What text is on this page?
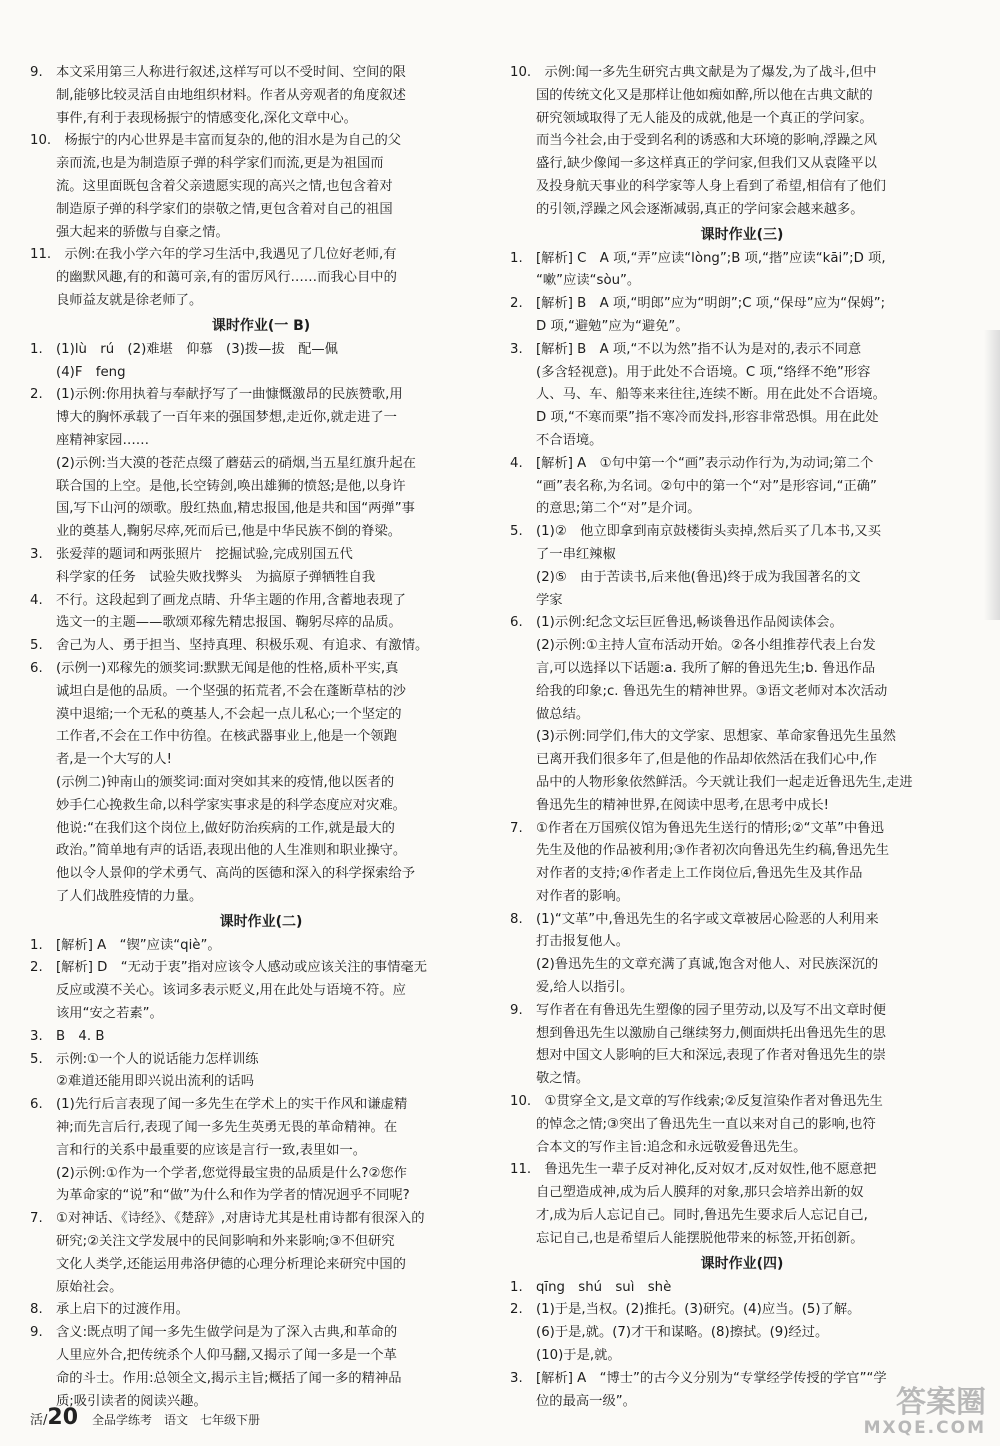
9.　本文采用第三人称进行叙述,这样写可以不受时间、空间的限

制,能够比较灵活自由地组织材料。作者从旁观者的角度叙述

事件,有利于表现杨振宁的情感变化,深化文章中心。

10.　杨振宁的内心世界是丰富而复杂的,他的泪水是为自己的父

亲而流,也是为制造原子弹的科学家们而流,更是为祖国而

流。这里面既包含着父亲遗愿实现的高兴之情,也包含着对

制造原子弹的科学家们的崇敬之情,更包含着对自己的祖国

强大起来的骄傲与自豪之情。

11.　示例:在我小学六年的学习生活中,我遇见了几位好老师,有

的幽默风趣,有的和蔼可亲,有的雷厉风行……而我心目中的

良师益友就是徐老师了。

课时作业(一 B)

1.　(1)lù　rú　(2)难堪　仰慕　(3)拨—拔　配—佩

(4)F　feng

2.　(1)示例:你用执着与奉献抒写了一曲慷慨激昂的民族赞歌,用

博大的胸怀承载了一百年来的强国梦想,走近你,就走进了一

座精神家园……

(2)示例:当大漠的苍茫点缀了蘑菇云的硝烟,当五星红旗升起在

联合国的上空。是他,长空铸剑,唤出雄狮的愤怒;是他,以身许

国,写下山河的颂歌。殷红热血,精忠报国,他是共和国“两弹”事

业的奠基人,鞠躬尽瘁,死而后已,他是中华民族不倒的脊梁。

3.　张爱萍的题词和两张照片　挖掘试验,完成别国五代

科学家的任务　试验失败找弊头　为搞原子弹牺牲自我

4.　不行。这段起到了画龙点睛、升华主题的作用,含蓄地表现了

选文一的主题——歌颂邓稼先精忠报国、鞠躬尽瘁的品质。

5.　舍己为人、勇于担当、坚持真理、积极乐观、有追求、有激情。

6.　(示例一)邓稼先的颁奖词:默默无闻是他的性格,质朴平实,真

诚坦白是他的品质。一个坚强的拓荒者,不会在蓬断草枯的沙

漠中退缩;一个无私的奠基人,不会起一点儿私心;一个坚定的

工作者,不会在工作中彷徨。在核武器事业上,他是一个领跑

者,是一个大写的人!

(示例二)钟南山的颁奖词:面对突如其来的疫情,他以医者的

妙手仁心挽救生命,以科学家实事求是的科学态度应对灾难。

他说:“在我们这个岗位上,做好防治疾病的工作,就是最大的

政治。”简单地有声的话语,表现出他的人生准则和职业操守。

他以令人景仰的学术勇气、高尚的医德和深入的科学探索给予

了人们战胜疫情的力量。

课时作业(二)

1.　[解析] A　“锲”应读“qiè”。

2.　[解析] D　“无动于衷”指对应该令人感动或应该关注的事情毫无

反应或漠不关心。该词多表示贬义,用在此处与语境不符。应

该用“安之若素”。

3.　B　4. B

5.　示例:①一个人的说话能力怎样训练

②难道还能用即兴说出流利的话吗

6.　(1)先行后言表现了闻一多先生在学术上的实干作风和谦虚精

神;而先言后行,表现了闻一多先生英勇无畏的革命精神。在

言和行的关系中最重要的应该是言行一致,表里如一。

(2)示例:①作为一个学者,您觉得最宝贵的品质是什么?②您作

为革命家的“说”和“做”为什么和作为学者的情况迥乎不同呢?

7.　①对神话、《诗经》、《楚辞》,对唐诗尤其是杜甫诗都有很深入的

研究;②关注文学发展中的民间影响和外来影响;③不但研究

文化人类学,还能运用弗洛伊德的心理分析理论来研究中国的

原始社会。

8.　承上启下的过渡作用。

9.　含义:既点明了闻一多先生做学问是为了深入古典,和革命的

人里应外合,把传统杀个人仰马翻,又揭示了闻一多是一个革

命的斗士。作用:总领全文,揭示主旨;概括了闻一多的精神品

质;吸引读者的阅读兴趣。

10.　示例:闻一多先生研究古典文献是为了爆发,为了战斗,但中

国的传统文化又是那样让他如痴如醉,所以他在古典文献的

研究领域取得了无人能及的成就,他是一个真正的学问家。

而当今社会,由于受到名利的诱惑和大环境的影响,浮躁之风

盛行,缺少像闻一多这样真正的学问家,但我们又从袁隆平以

及投身航天事业的科学家等人身上看到了希望,相信有了他们

的引领,浮躁之风会逐渐减弱,真正的学问家会越来越多。

课时作业(三)

1.　[解析] C　A 项,“弄”应读“lòng”;B 项,“揩”应读“kāi”;D 项,

“嗽”应读“sòu”。

2.　[解析] B　A 项,“明郎”应为“明朗”;C 项,“保母”应为“保姆”;

D 项,“避勉”应为“避免”。

3.　[解析] B　A 项,“不以为然”指不认为是对的,表示不同意

(多含轻视意)。用于此处不合语境。C 项,“络绎不绝”形容

人、马、车、船等来来往往,连续不断。用在此处不合语境。

D 项,“不寒而栗”指不寒冷而发抖,形容非常恐惧。用在此处

不合语境。

4.　[解析] A　①句中第一个“画”表示动作行为,为动词;第二个

“画”表名称,为名词。②句中的第一个“对”是形容词,“正确”

的意思;第二个“对”是介词。

5.　(1)②　他立即拿到南京鼓楼街头卖掉,然后买了几本书,又买

了一串红辣椒

(2)⑤　由于苦读书,后来他(鲁迅)终于成为我国著名的文

学家

6.　(1)示例:纪念文坛巨匠鲁迅,畅谈鲁迅作品阅读体会。

(2)示例:①主持人宣布活动开始。②各小组推荐代表上台发

言,可以选择以下话题:a. 我所了解的鲁迅先生;b. 鲁迅作品

给我的印象;c. 鲁迅先生的精神世界。③语文老师对本次活动

做总结。

(3)示例:同学们,伟大的文学家、思想家、革命家鲁迅先生虽然

已离开我们很多年了,但是他的作品却依然活在我们心中,作

品中的人物形象依然鲜活。今天就让我们一起走近鲁迅先生,走进

鲁迅先生的精神世界,在阅读中思考,在思考中成长!

7.　①作者在万国殡仪馆为鲁迅先生送行的情形;②“文革”中鲁迅

先生及他的作品被利用;③作者初次向鲁迅先生约稿,鲁迅先生

对作者的支持;④作者走上工作岗位后,鲁迅先生及其作品

对作者的影响。

8.　(1)“文革”中,鲁迅先生的名字或文章被居心险恶的人利用来

打击报复他人。

(2)鲁迅先生的文章充满了真诚,饱含对他人、对民族深沉的

爱,给人以指引。

9.　写作者在有鲁迅先生塑像的园子里劳动,以及写不出文章时便

想到鲁迅先生以激励自己继续努力,侧面烘托出鲁迅先生的思

想对中国文人影响的巨大和深远,表现了作者对鲁迅先生的崇

敬之情。

10.　①贯穿全文,是文章的写作线索;②反复渲染作者对鲁迅先生

的悼念之情;③突出了鲁迅先生一直以来对自己的影响,也符

合本文的写作主旨:追念和永远敬爱鲁迅先生。

11.　鲁迅先生一辈子反对神化,反对奴才,反对奴性,他不愿意把

自己塑造成神,成为后人膜拜的对象,那只会培养出新的奴

才,成为后人忘记自己。同时,鲁迅先生要求后人忘记自己,

忘记自己,也是希望后人能摆脱他带来的标签,开拓创新。

课时作业(四)

1.　qīng　shú　suì　shè

2.　(1)于是,当权。(2)推托。(3)研究。(4)应当。(5)了解。

(6)于是,就。(7)才干和谋略。(8)擦拭。(9)经过。

(10)于是,就。

3.　[解析] A　“博士”的古今义分别为“专掌经学传授的学官”“学

位的最高一级”。

活/20 全品学练考　语文　七年级下册	答案圈
MXQE.COM
